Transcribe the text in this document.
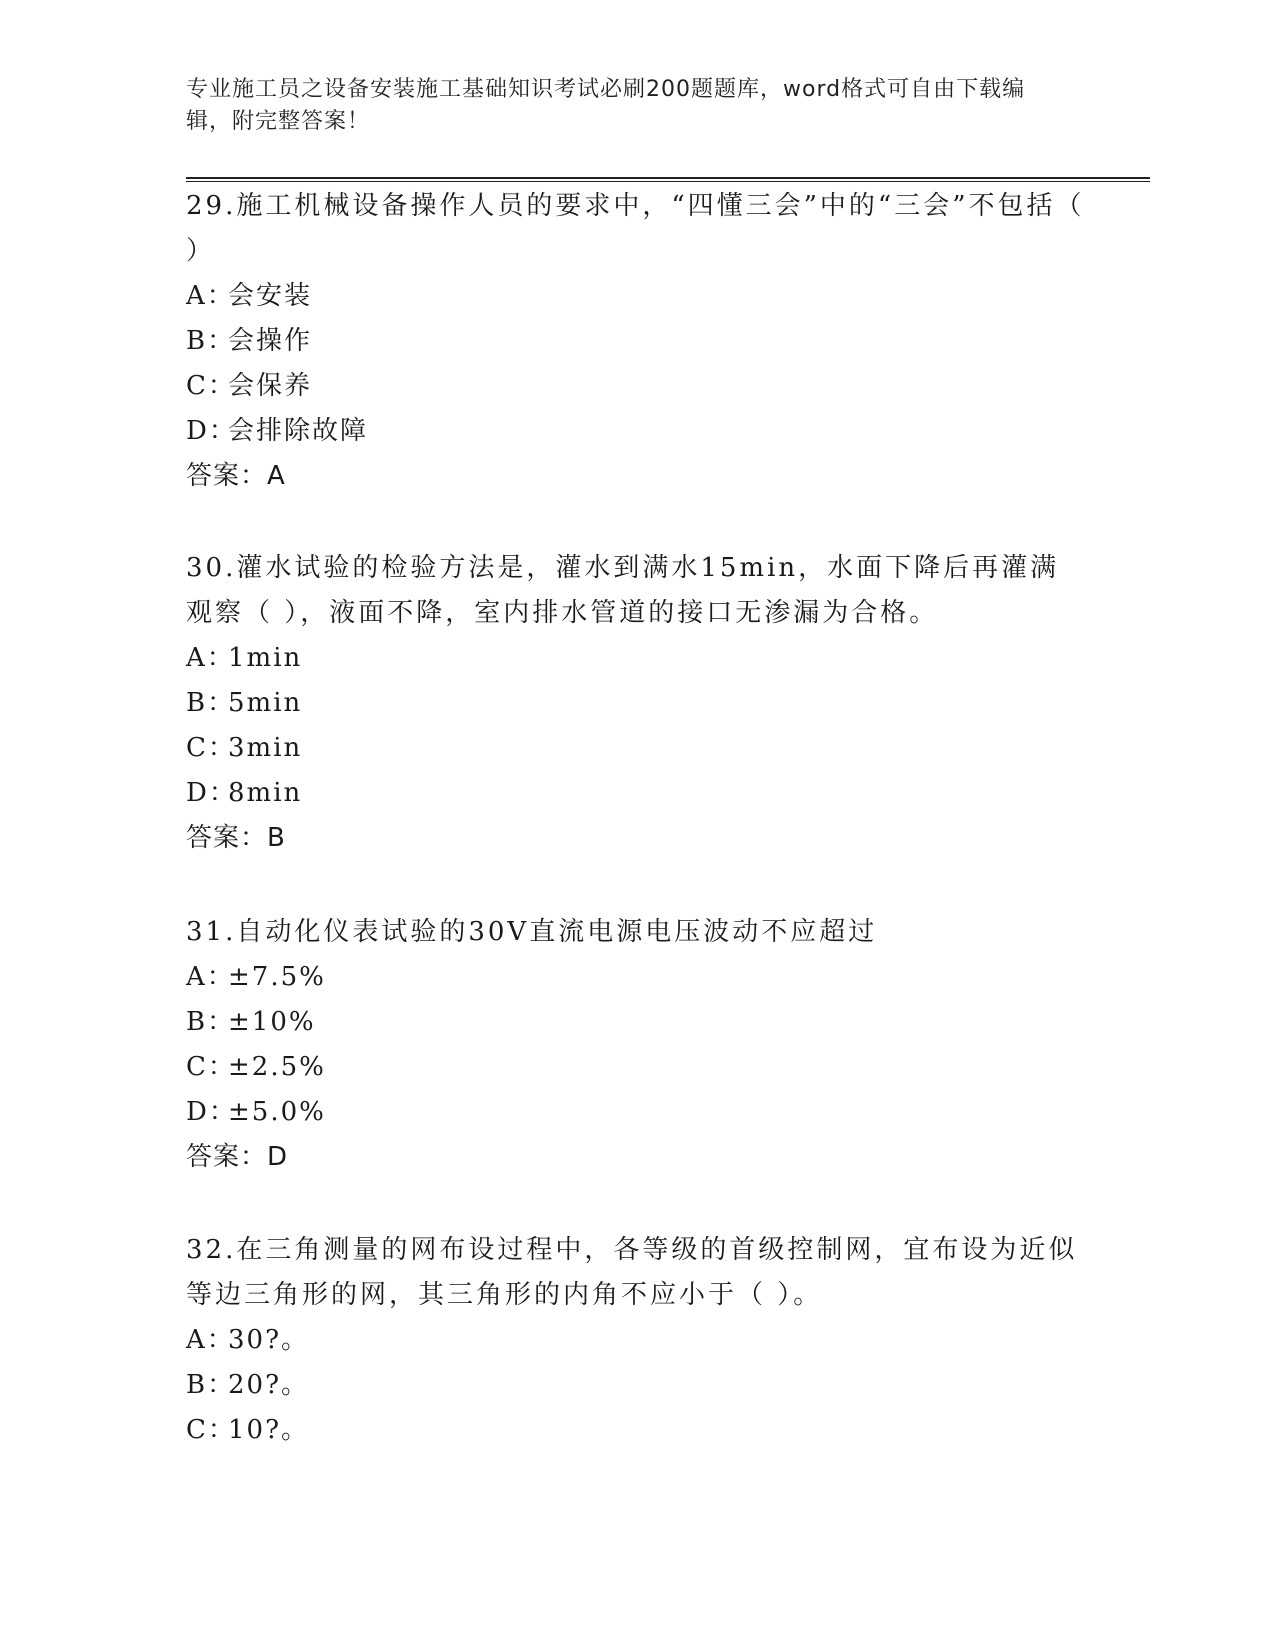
专业施工员之设备安装施工基础知识考试必刷200题题库，word格式可自由下载编辑，附完整答案！

29.施工机械设备操作人员的要求中，“四懂三会”中的“三会”不包括（ ）

A：
会安装

B：
会操作

C：
会保养

D：
会排除故障

答案：A

30.灌水试验的检验方法是，灌水到满水15min，水面下降后再灌满观察（ ），液面不降，室内排水管道的接口无渗漏为合格。

A：
1min

B：
5min

C：
3min

D：
8min

答案：B

31.自动化仪表试验的30V直流电源电压波动不应超过

A：
±7.5%

B：
±10%

C：
±2.5%

D：
±5.0%

答案：D

32.在三角测量的网布设过程中，各等级的首级控制网，宜布设为近似等边三角形的网，其三角形的内角不应小于（ ）。

A：
30?。

B：
20?。

C：
10?。
